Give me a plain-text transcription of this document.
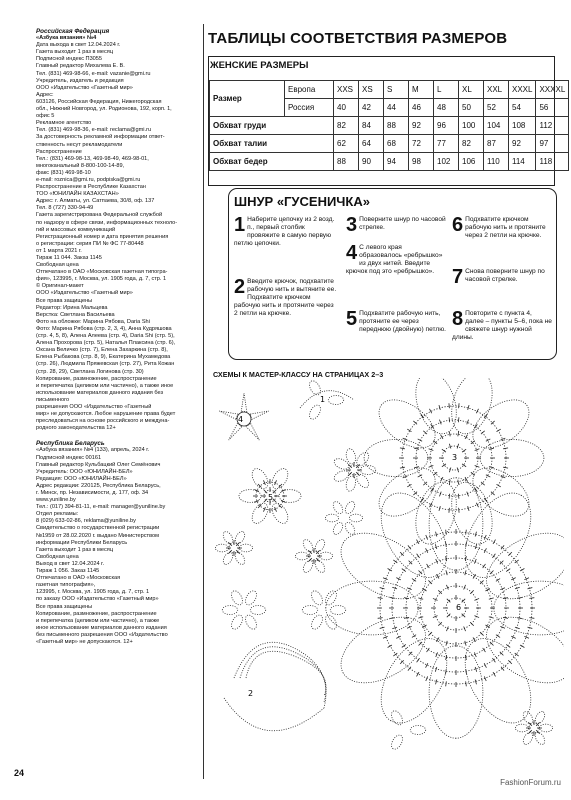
Российская Федерация
«Азбука вязания» №4
Дата выхода в свет 12.04.2024 г.
Газета выходит 1 раз в месяц
Подписной индекс П3055
Главный редактор Михалева Е. В.
Тел. (831) 469-98-66, e-mail: vazanie@gmi.ru
Учредитель, издатель и редакция
ООО «Издательство «Газетный мир»
Адрес:
603126, Российская Федерация, Нижегородская
обл., Нижний Новгород, ул. Родионова, 192, корп. 1,
офис 5
Рекламное агентство
Тел. (831) 469-98-36, e-mail: reclama@gmi.ru
За достоверность рекламной информации ответ-
ственность несут рекламодатели
Распространение
Тел.: (831) 469-98-13, 469-98-49, 469-98-01,
многоканальный 8-800-100-14-89,
факс (831) 469-98-10
e-mail: roznica@gmi.ru, podpiska@gmi.ru
Распространение в Республике Казахстан
ТОО «ЮНИЛАЙН КАЗАХСТАН»
Адрес: г. Алматы, ул. Сатпаева, 30/8, оф. 137
Тел. 8 (727) 330-94-49
Газета зарегистрирована Федеральной службой
по надзору в сфере связи, информационных техноло-
гий и массовых коммуникаций
Регистрационный номер и дата принятия решения
о регистрации: серия ПИ № ФС 77-80448
от 1 марта 2021 г.
Тираж 11 044. Заказ 1145
Свободная цена
Отпечатано в ОАО «Московская газетная типогра-
фия», 123995, г. Москва, ул. 1905 года, д. 7, стр. 1
© Оригинал-макет
ООО «Издательство «Газетный мир»
Все права защищены
Редактор: Ирина Мальцева
Верстка: Светлана Васильева
Фото на обложке: Марина Рябова, Daria Shi
Фото: Марина Рябова (стр. 2, 3, 4), Анна Кудряшова
(стр. 4, 5, 8), Алена Алеева (стр. 4), Daria Shi (стр. 5),
Алена Прохорова (стр. 5), Наталья Плаксина (стр. 6),
Оксана Величко (стр. 7), Елена Захаркина (стр. 8),
Елена Рыбакова (стр. 8, 9), Екатерина Мухамедова
(стр. 26), Людмила Пряжевская (стр. 27), Рита Кожан
(стр. 28, 29), Светлана Логинова (стр. 30)
Копирование, размножение, распространение
и перепечатка (целиком или частично), а также иное
использование материалов данного издания без письменного
разрешения ООО «Издательство «Газетный
мир» не допускаются. Любое нарушение права будет
преследоваться на основе российского и междуна-
родного законодательства 12+
Республика Беларусь
«Азбука вязания» №4 (133), апрель, 2024 г.
Подписной индекс 00161
Главный редактор Кульбацкий Олег Семёнович
Учредитель: ООО «ЮНИЛАЙН-БЕЛ»
Редакция: ООО «ЮНИЛАЙН-БЕЛ»
Адрес редакции: 220125, Республика Беларусь,
г. Минск, пр. Независимости, д. 177, оф. 34
www.yuniline.by
Тел.: (017) 394-81-11, e-mail: manager@yuniline.by
Отдел рекламы:
8 (029) 633-02-86, reklama@yuniline.by
Свидетельство о государственной регистрации
№1959 от 28.02.2020 г. выдано Министерством
информации Республики Беларусь
Газета выходит 1 раз в месяц
Свободная цена
Выход в свет 12.04.2024 г.
Тираж 1 056. Заказ 1145
Отпечатано в ОАО «Московская
газетная типография»,
123995, г. Москва, ул. 1905 года, д. 7, стр. 1
по заказу ООО «Издательство «Газетный мир»
Все права защищены
Копирование, размножение, распространение
и перепечатка (целиком или частично), а также
иное использование материалов данного издания
без письменного разрешения ООО «Издательство
«Газетный мир» не допускаются. 12+
24
FashionForum.ru
ТАБЛИЦЫ СООТВЕТСТВИЯ РАЗМЕРОВ
ЖЕНСКИЕ РАЗМЕРЫ
Размер	Европа	XXS	XS	S	M	L	XL	XXL	XXXL	XXXXL
	Россия	40	42	44	46	48	50	52	54	56
Обхват груди		82	84	88	92	96	100	104	108	112
Обхват талии		62	64	68	72	77	82	87	92	97
Обхват бедер		88	90	94	98	102	106	110	114	118
ШНУР «ГУСЕНИЧКА»
1 Наберите цепочку из 2 возд. п., первый столбик провяжите в самую первую петлю цепочки.
2 Введите крючок, подхватите рабочую нить и вытяните ее. Подхватите крючком рабочую нить и протяните через 2 петли на крючке.
3 Поверните шнур по часовой стрелке.
4 С левого края образовалось «ребрышко» из двух нитей. Введите крючок под это «ребрышко».
5 Подхватите рабочую нить, протяните ее через переднюю (двойную) петлю.
6 Подхватите крючком рабочую нить и протяните через 2 петли на крючке.
7 Снова поверните шнур по часовой стрелке.
8 Повторите с пункта 4, далее – пункты 5–6, пока не свяжете шнур нужной длины.
СХЕМЫ К МАСТЕР-КЛАССУ НА СТРАНИЦАХ 2–3
4
1
5
3
2
6
